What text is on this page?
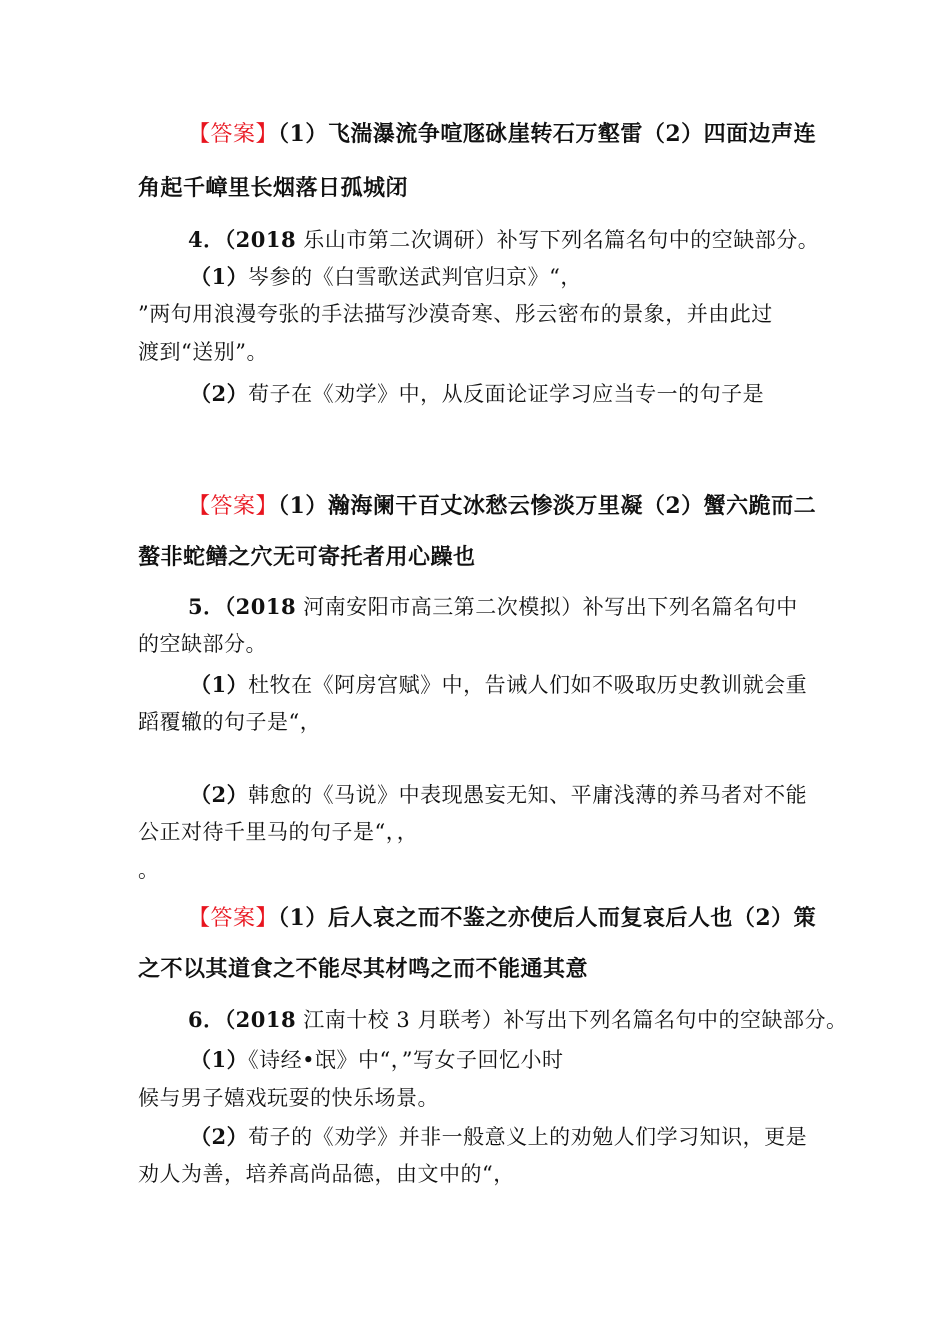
【答案】（1）飞湍瀑流争喧豗砯崖转石万壑雷（2）四面边声连
角起千嶂里长烟落日孤城闭
4．（2018 乐山市第二次调研）补写下列名篇名句中的空缺部分。
（1）岑参的《白雪歌送武判官归京》“，
”两句用浪漫夸张的手法描写沙漠奇寒、彤云密布的景象，并由此过
渡到“送别”。
（2）荀子在《劝学》中，从反面论证学习应当专一的句子是
【答案】（1）瀚海阑干百丈冰愁云惨淡万里凝（2）蟹六跪而二
螯非蛇鳝之穴无可寄托者用心躁也
5．（2018 河南安阳市高三第二次模拟）补写出下列名篇名句中
的空缺部分。
（1）杜牧在《阿房宫赋》中，告诫人们如不吸取历史教训就会重
蹈覆辙的句子是“，
（2）韩愈的《马说》中表现愚妄无知、平庸浅薄的养马者对不能
公正对待千里马的句子是“，，
。
【答案】（1）后人哀之而不鉴之亦使后人而复哀后人也（2）策
之不以其道食之不能尽其材鸣之而不能通其意
6．（2018 江南十校 3 月联考）补写出下列名篇名句中的空缺部分。
（1）《诗经•氓》中“，”写女子回忆小时
候与男子嬉戏玩耍的快乐场景。
（2）荀子的《劝学》并非一般意义上的劝勉人们学习知识，更是
劝人为善，培养高尚品德，由文中的“，
